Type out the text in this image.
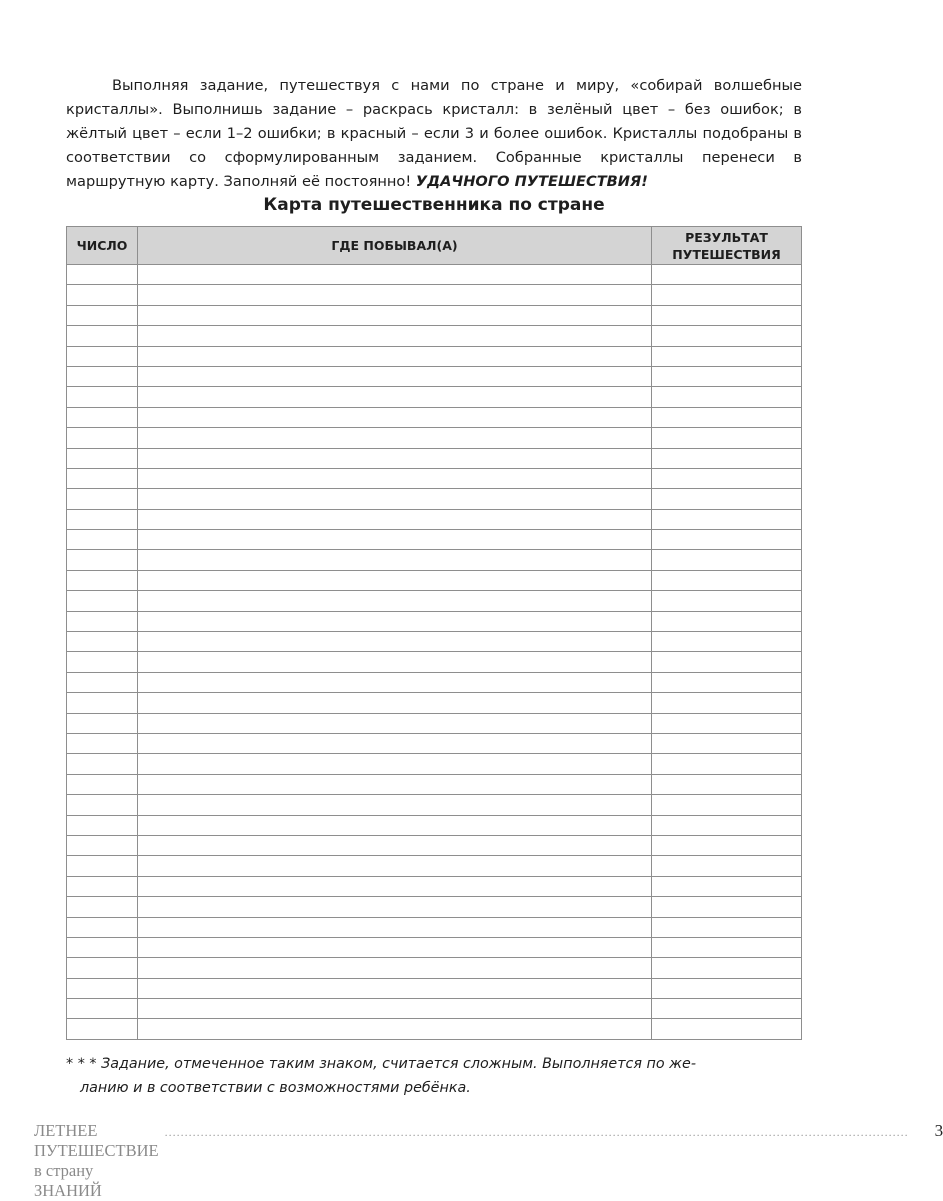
Выполняя задание, путешествуя с нами по стране и миру, «собирай волшебные кристаллы». Выполнишь задание – раскрась кристалл: в зелёный цвет – без ошибок; в жёлтый цвет – если 1–2 ошибки; в красный – если 3 и более ошибок. Кристаллы подобраны в соответствии со сформулированным заданием. Собранные кристаллы перенеси в маршрутную карту. Заполняй её постоянно! УДАЧНОГО ПУТЕШЕСТВИЯ!

Карта путешественника по стране
ЧИСЛО	ГДЕ ПОБЫВАЛ(А)	РЕЗУЛЬТАТ ПУТЕШЕСТВИЯ

* * * Задание, отмеченное таким знаком, считается сложным. Выполняется по же-
ланию и в соответствии с возможностями ребёнка.

ЛЕТНЕЕ ПУТЕШЕСТВИЕ в страну ЗНАНИЙ
.......................................................................................................................................................................................... 3
